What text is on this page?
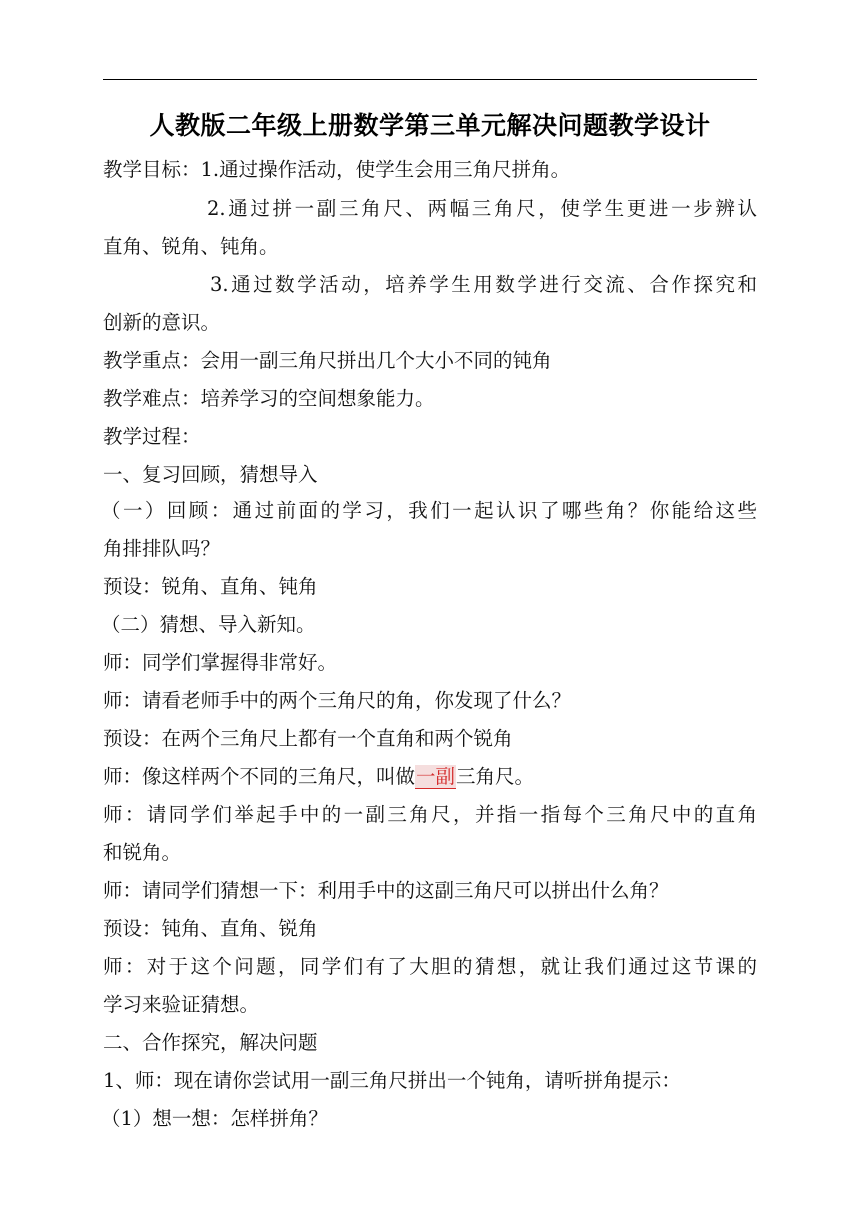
人教版二年级上册数学第三单元解决问题教学设计
教学目标：1.通过操作活动，使学生会用三角尺拼角。
2.通过拼一副三角尺、两幅三角尺，使学生更进一步辨认
直角、锐角、钝角。
3.通过数学活动，培养学生用数学进行交流、合作探究和
创新的意识。
教学重点：会用一副三角尺拼出几个大小不同的钝角
教学难点：培养学习的空间想象能力。
教学过程：
一、复习回顾，猜想导入
（一）回顾：通过前面的学习，我们一起认识了哪些角？你能给这些
角排排队吗？
预设：锐角、直角、钝角
（二）猜想、导入新知。
师：同学们掌握得非常好。
师：请看老师手中的两个三角尺的角，你发现了什么？
预设：在两个三角尺上都有一个直角和两个锐角
师：像这样两个不同的三角尺，叫做一副三角尺。
师：请同学们举起手中的一副三角尺，并指一指每个三角尺中的直角
和锐角。
师：请同学们猜想一下：利用手中的这副三角尺可以拼出什么角？
预设：钝角、直角、锐角
师：对于这个问题，同学们有了大胆的猜想，就让我们通过这节课的
学习来验证猜想。
二、合作探究，解决问题
1、师：现在请你尝试用一副三角尺拼出一个钝角，请听拼角提示：
（1）想一想：怎样拼角？
